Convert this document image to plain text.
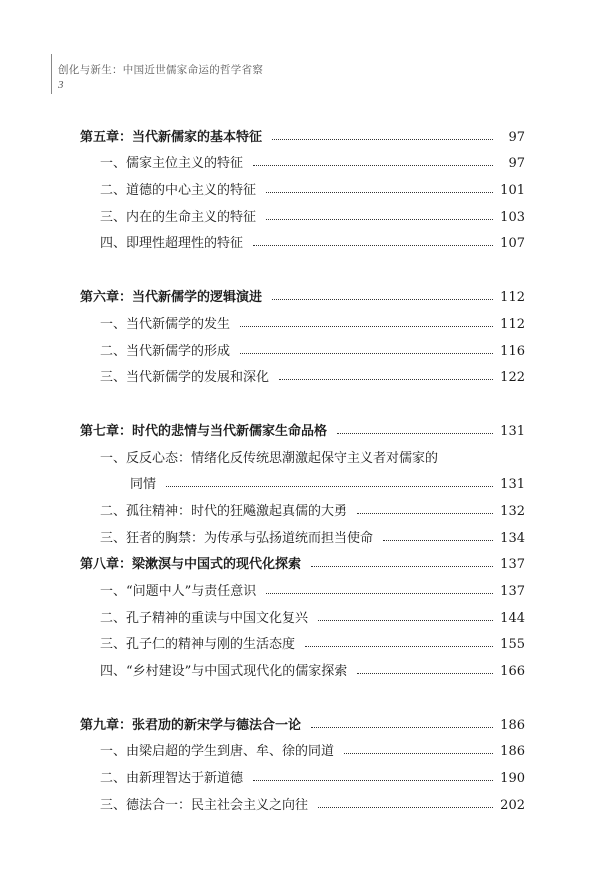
创化与新生：中国近世儒家命运的哲学省察
3
第五章：当代新儒家的基本特征	97
一、儒家主位主义的特征	97
二、道德的中心主义的特征	101
三、内在的生命主义的特征	103
四、即理性超理性的特征	107
第六章：当代新儒学的逻辑演进	112
一、当代新儒学的发生	112
二、当代新儒学的形成	116
三、当代新儒学的发展和深化	122
第七章：时代的悲情与当代新儒家生命品格	131
一、反反心态：情绪化反传统思潮激起保守主义者对儒家的
同情	131
二、孤往精神：时代的狂飚激起真儒的大勇	132
三、狂者的胸禁：为传承与弘扬道统而担当使命	134
第八章：梁漱溟与中国式的现代化探索	137
一、“问题中人”与责任意识	137
二、孔子精神的重读与中国文化复兴	144
三、孔子仁的精神与刚的生活态度	155
四、“乡村建设”与中国式现代化的儒家探索	166
第九章：张君劢的新宋学与德法合一论	186
一、由梁启超的学生到唐、牟、徐的同道	186
二、由新理智达于新道德	190
三、德法合一：民主社会主义之向往	202
